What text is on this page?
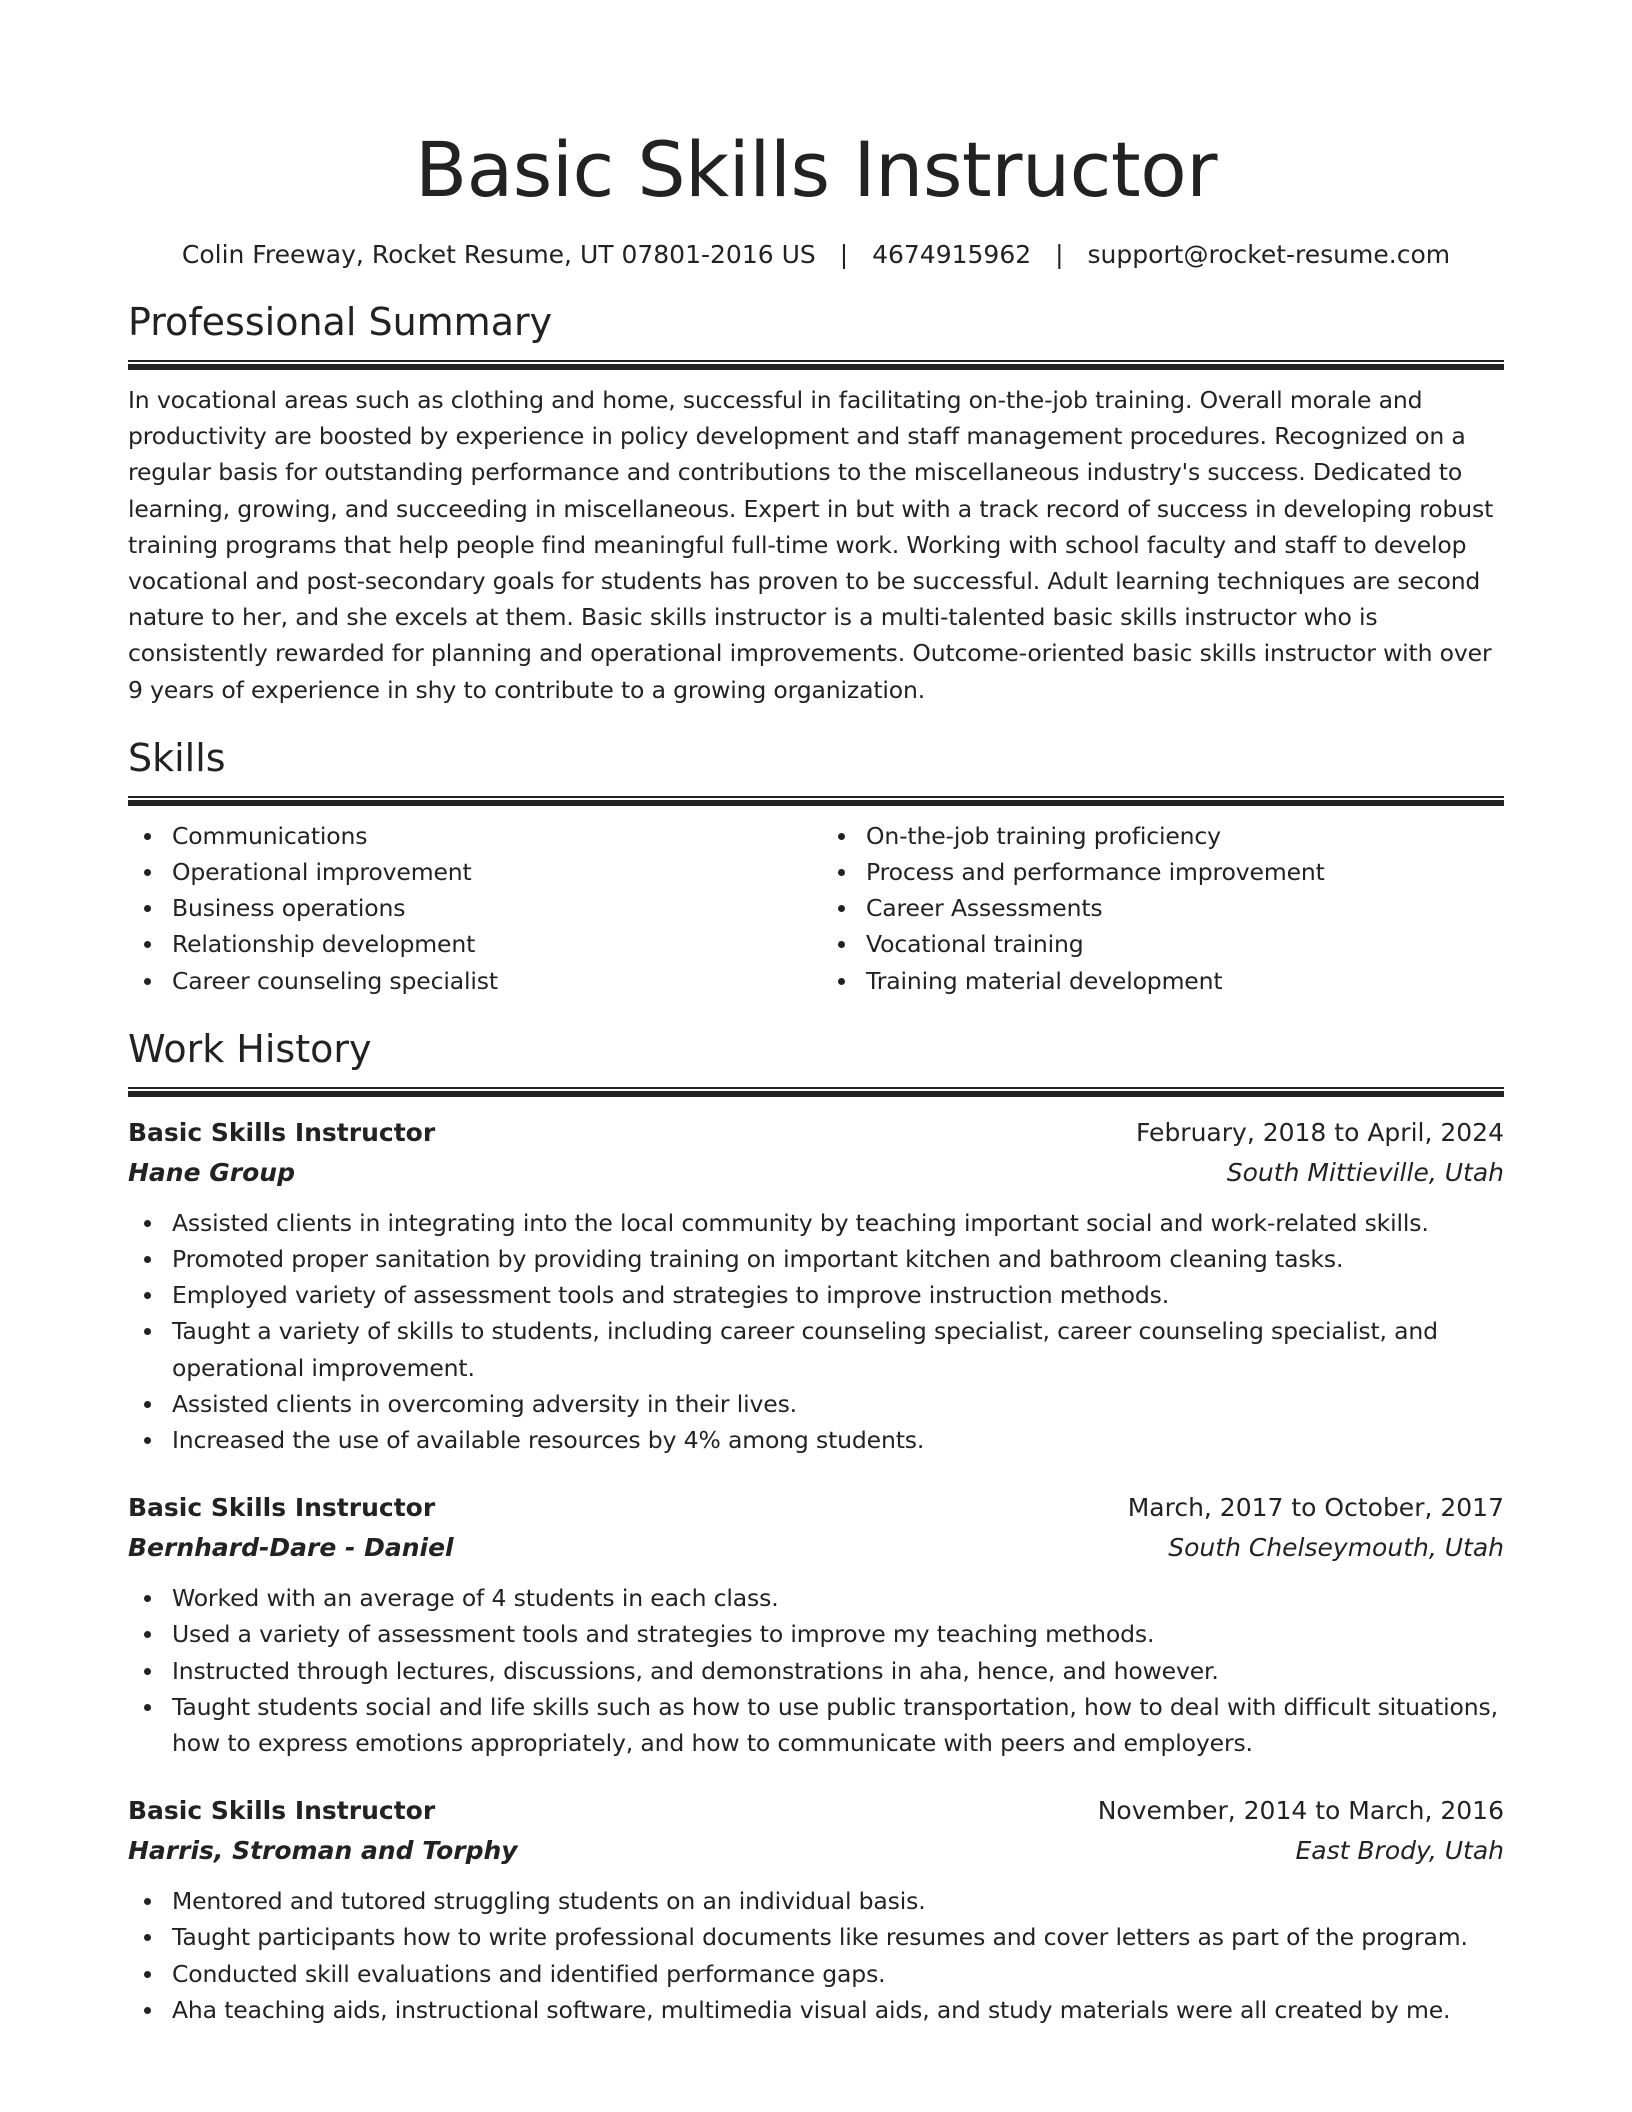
Basic Skills Instructor
Colin Freeway, Rocket Resume, UT 07801-2016 US | 4674915962 | support@rocket-resume.com
Professional Summary

In vocational areas such as clothing and home, successful in facilitating on-the-job training. Overall morale and productivity are boosted by experience in policy development and staff management procedures. Recognized on a regular basis for outstanding performance and contributions to the miscellaneous industry's success. Dedicated to learning, growing, and succeeding in miscellaneous. Expert in but with a track record of success in developing robust training programs that help people find meaningful full-time work. Working with school faculty and staff to develop vocational and post-secondary goals for students has proven to be successful. Adult learning techniques are second nature to her, and she excels at them. Basic skills instructor is a multi-talented basic skills instructor who is consistently rewarded for planning and operational improvements. Outcome-oriented basic skills instructor with over 9 years of experience in shy to contribute to a growing organization.

Skills
Communications
Operational improvement
Business operations
Relationship development
Career counseling specialist
On-the-job training proficiency
Process and performance improvement
Career Assessments
Vocational training
Training material development
Work History
Basic Skills Instructor	February, 2018 to April, 2024
Hane Group	South Mittieville, Utah
Assisted clients in integrating into the local community by teaching important social and work-related skills.
Promoted proper sanitation by providing training on important kitchen and bathroom cleaning tasks.
Employed variety of assessment tools and strategies to improve instruction methods.
Taught a variety of skills to students, including career counseling specialist, career counseling specialist, and operational improvement.
Assisted clients in overcoming adversity in their lives.
Increased the use of available resources by 4% among students.
Basic Skills Instructor	March, 2017 to October, 2017
Bernhard-Dare - Daniel	South Chelseymouth, Utah
Worked with an average of 4 students in each class.
Used a variety of assessment tools and strategies to improve my teaching methods.
Instructed through lectures, discussions, and demonstrations in aha, hence, and however.
Taught students social and life skills such as how to use public transportation, how to deal with difficult situations, how to express emotions appropriately, and how to communicate with peers and employers.
Basic Skills Instructor	November, 2014 to March, 2016
Harris, Stroman and Torphy	East Brody, Utah
Mentored and tutored struggling students on an individual basis.
Taught participants how to write professional documents like resumes and cover letters as part of the program.
Conducted skill evaluations and identified performance gaps.
Aha teaching aids, instructional software, multimedia visual aids, and study materials were all created by me.
